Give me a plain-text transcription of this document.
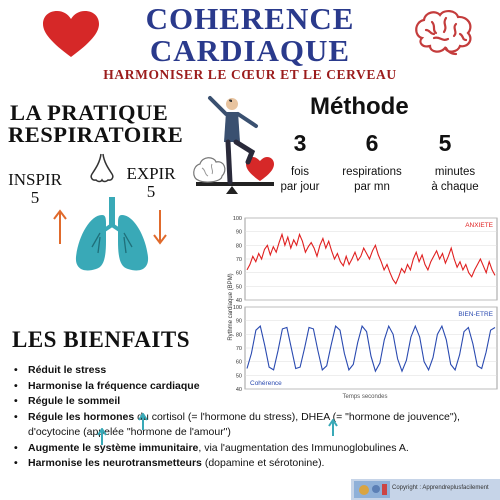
COHERENCE
CARDIAQUE
HARMONISER LE CŒUR ET LE CERVEAU
LA PRATIQUE
RESPIRATOIRE
INSPIR
5
EXPIR
5
Méthode
3
fois
par jour
6
respirations
par mn
5
minutes
à chaque
100
90
80
70
60
50
40
ANXIETE
100
90
80
70
60
50
40
BIEN-ETRE
Cohérence
Rythme cardiaque (BPM)
Temps secondes
LES BIENFAITS
• Réduit le stress
• Harmonise la fréquence cardiaque
• Régule le sommeil
• Régule les hormones du cortisol (= l'hormone du stress), DHEA (= "hormone de jouvence"), d'ocytocine (appelée "hormone de l'amour")
• Augmente le système immunitaire, via l'augmentation des Immunoglobulines A.
• Harmonise les neurotransmetteurs (dopamine et sérotonine).
Copyright : Apprendreplusfacilement
